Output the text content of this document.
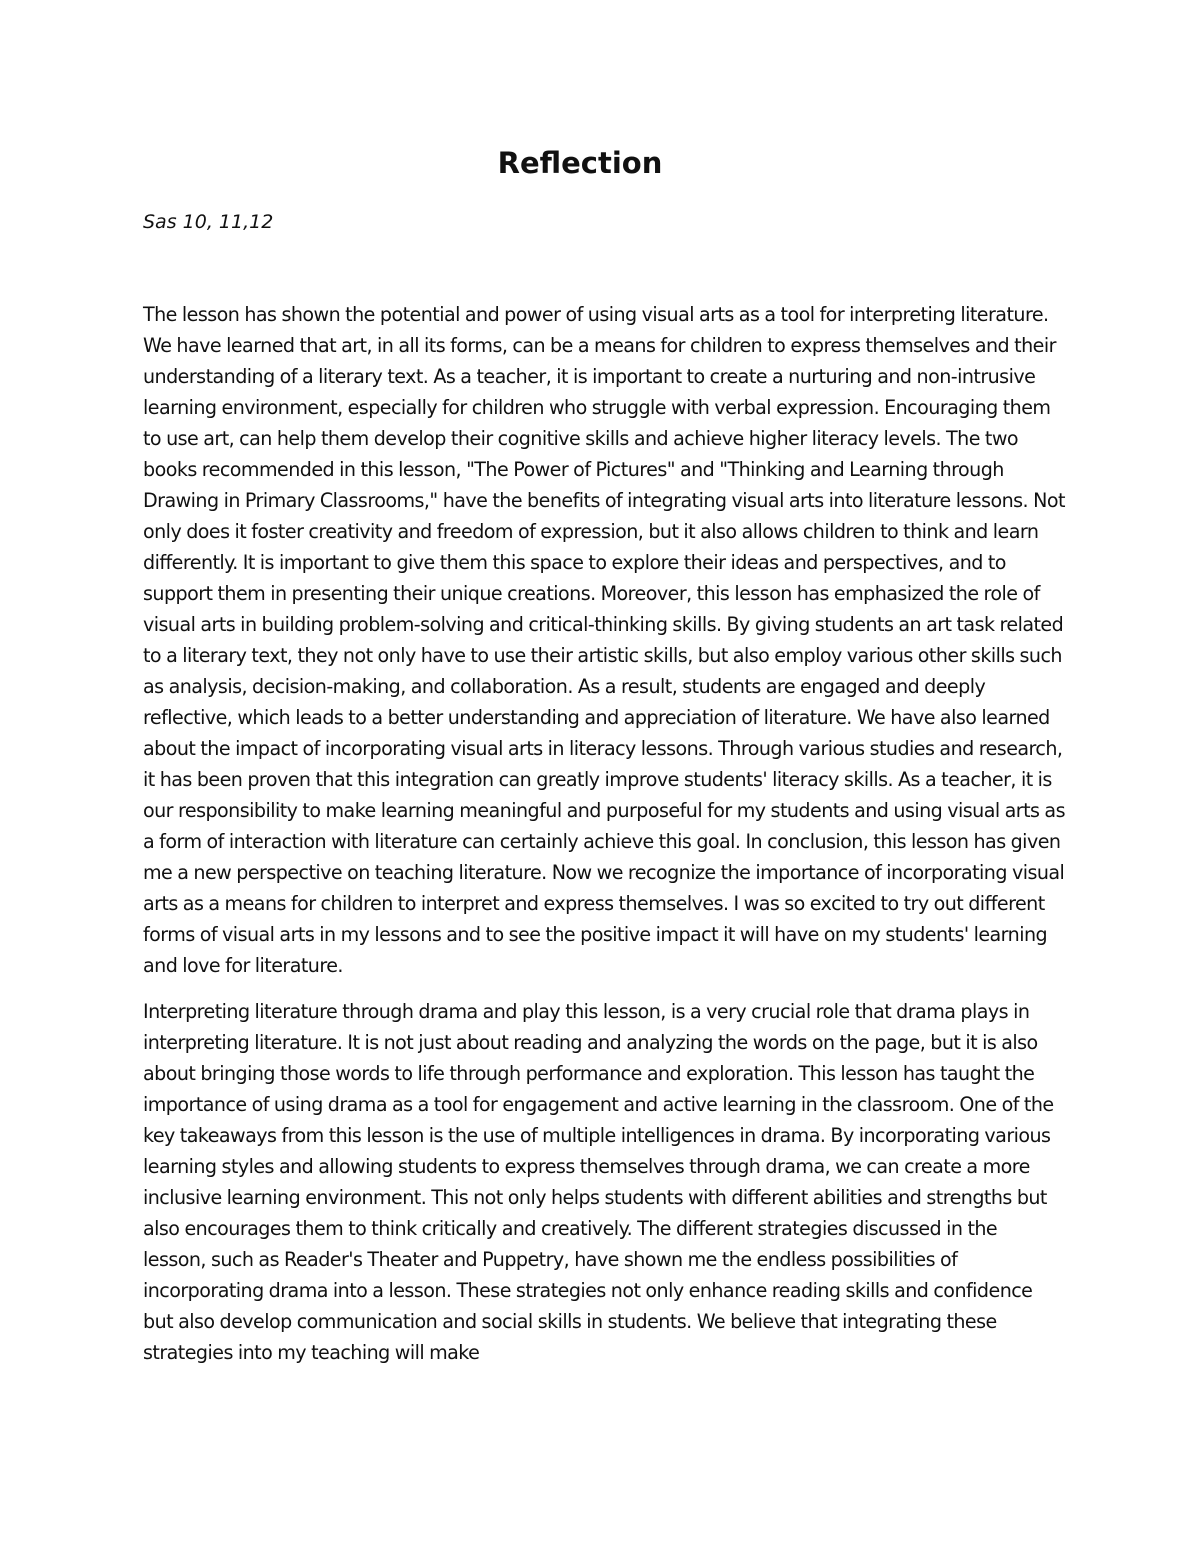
Reflection
Sas 10, 11,12

The lesson has shown the potential and power of using visual arts as a tool for interpreting literature. We have learned that art, in all its forms, can be a means for children to express themselves and their understanding of a literary text. As a teacher, it is important to create a nurturing and non-intrusive learning environment, especially for children who struggle with verbal expression. Encouraging them to use art, can help them develop their cognitive skills and achieve higher literacy levels. The two books recommended in this lesson, "The Power of Pictures" and "Thinking and Learning through Drawing in Primary Classrooms," have the benefits of integrating visual arts into literature lessons. Not only does it foster creativity and freedom of expression, but it also allows children to think and learn differently. It is important to give them this space to explore their ideas and perspectives, and to support them in presenting their unique creations. Moreover, this lesson has emphasized the role of visual arts in building problem-solving and critical-thinking skills. By giving students an art task related to a literary text, they not only have to use their artistic skills, but also employ various other skills such as analysis, decision-making, and collaboration. As a result, students are engaged and deeply reflective, which leads to a better understanding and appreciation of literature. We have also learned about the impact of incorporating visual arts in literacy lessons. Through various studies and research, it has been proven that this integration can greatly improve students' literacy skills. As a teacher, it is our responsibility to make learning meaningful and purposeful for my students and using visual arts as a form of interaction with literature can certainly achieve this goal. In conclusion, this lesson has given me a new perspective on teaching literature. Now we recognize the importance of incorporating visual arts as a means for children to interpret and express themselves. I was so excited to try out different forms of visual arts in my lessons and to see the positive impact it will have on my students' learning and love for literature.

Interpreting literature through drama and play this lesson, is a very crucial role that drama plays in interpreting literature. It is not just about reading and analyzing the words on the page, but it is also about bringing those words to life through performance and exploration. This lesson has taught the importance of using drama as a tool for engagement and active learning in the classroom. One of the key takeaways from this lesson is the use of multiple intelligences in drama. By incorporating various learning styles and allowing students to express themselves through drama, we can create a more inclusive learning environment. This not only helps students with different abilities and strengths but also encourages them to think critically and creatively. The different strategies discussed in the lesson, such as Reader's Theater and Puppetry, have shown me the endless possibilities of incorporating drama into a lesson. These strategies not only enhance reading skills and confidence but also develop communication and social skills in students. We believe that integrating these strategies into my teaching will make
